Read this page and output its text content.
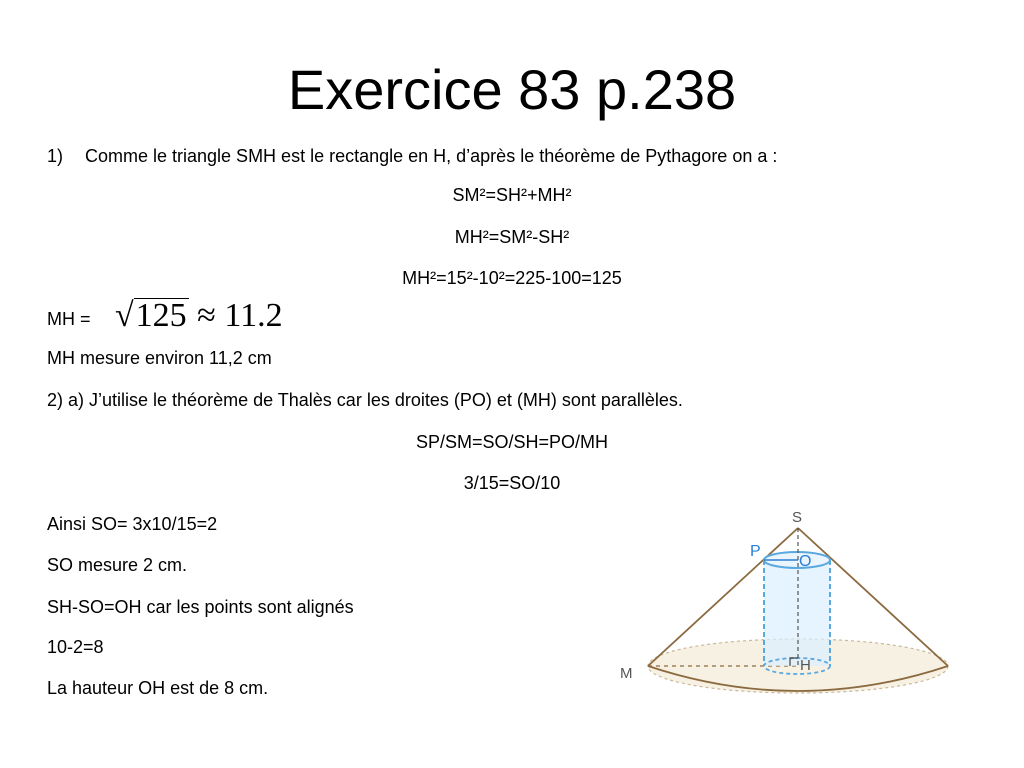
Exercice 83 p.238
1) Comme le triangle SMH est le rectangle en H, d’après le théorème de Pythagore on a :
SM²=SH²+MH²
MH²=SM²-SH²
MH²=15²-10²=225-100=125
MH = √125 ≈ 11.2
MH mesure environ 11,2 cm
2) a) J’utilise le théorème de Thalès car les droites (PO) et (MH) sont parallèles.
SP/SM=SO/SH=PO/MH
3/15=SO/10
Ainsi SO= 3x10/15=2
SO mesure 2 cm.
SH-SO=OH car les points sont alignés
10-2=8
La hauteur OH est de 8 cm.
S
P
O
M	H
